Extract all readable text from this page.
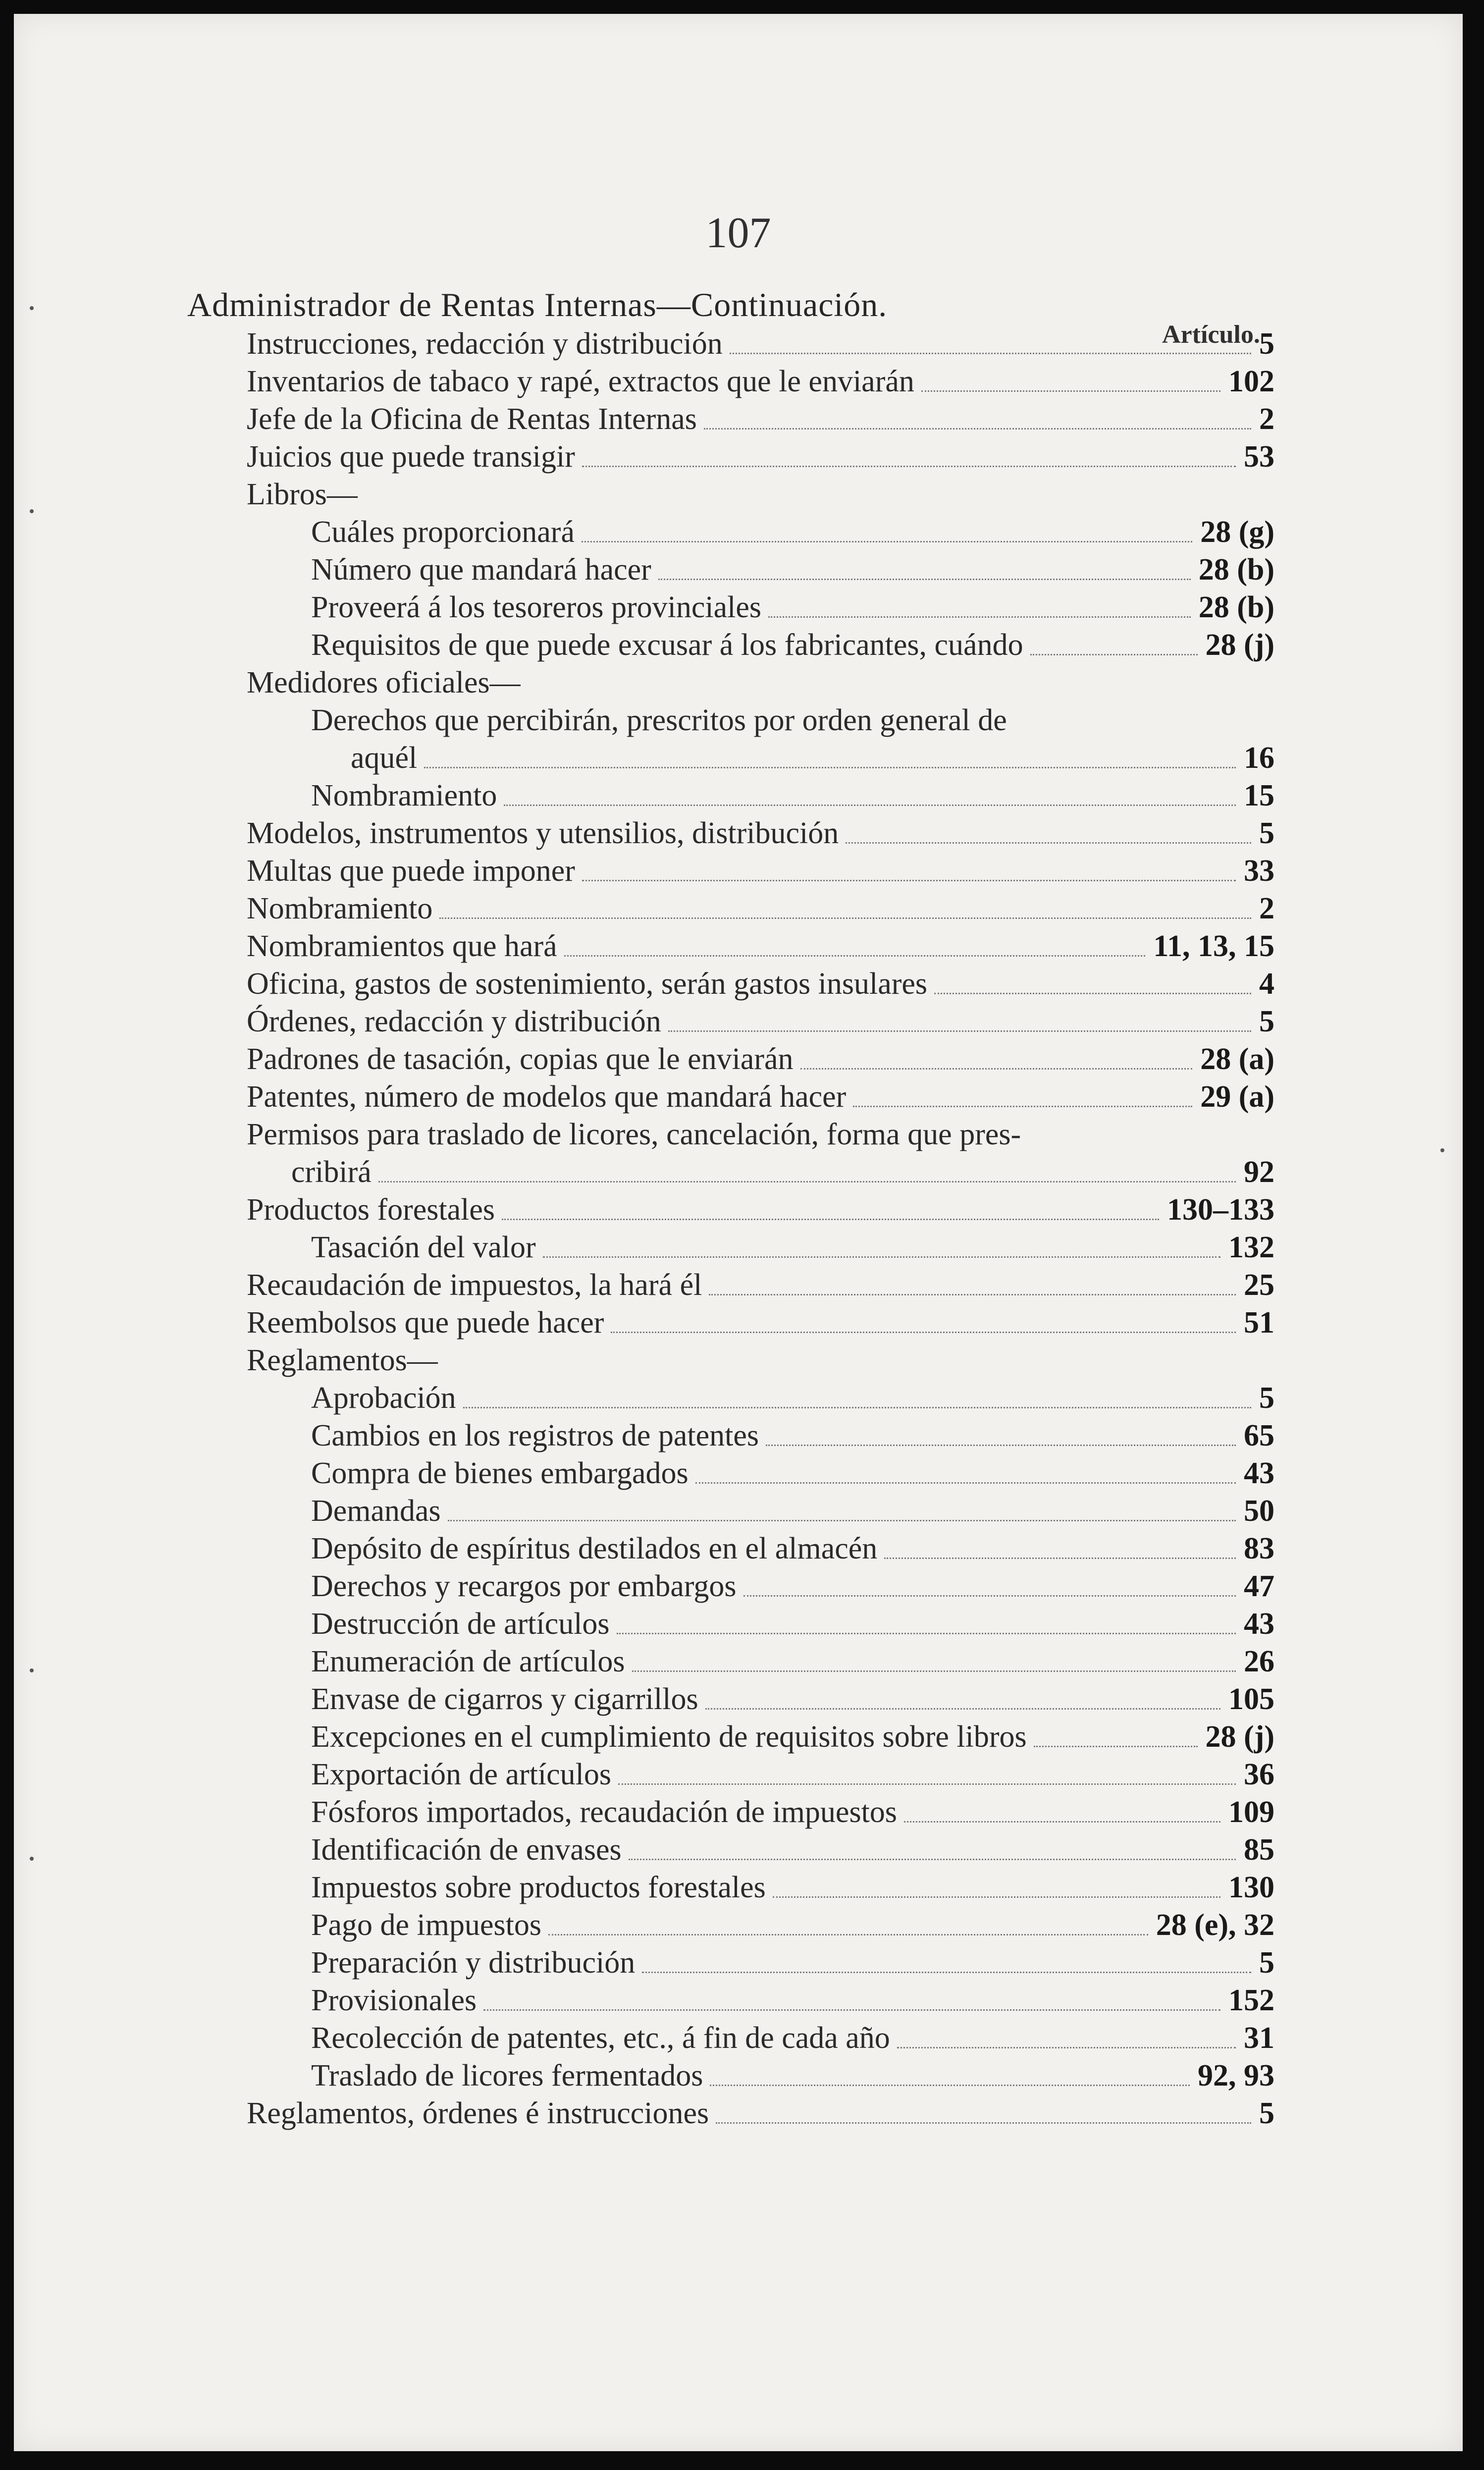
107
Administrador de Rentas Internas—Continuación.
Artículo.
Instrucciones, redacción y distribución	5
Inventarios de tabaco y rapé, extractos que le enviarán	102
Jefe de la Oficina de Rentas Internas	2
Juicios que puede transigir	53
Libros—
Cuáles proporcionará	28 (g)
Número que mandará hacer	28 (b)
Proveerá á los tesoreros provinciales	28 (b)
Requisitos de que puede excusar á los fabricantes, cuándo	28 (j)
Medidores oficiales—
Derechos que percibirán, prescritos por orden general de
aquél	16
Nombramiento	15
Modelos, instrumentos y utensilios, distribución	5
Multas que puede imponer	33
Nombramiento	2
Nombramientos que hará	11, 13, 15
Oficina, gastos de sostenimiento, serán gastos insulares	4
Órdenes, redacción y distribución	5
Padrones de tasación, copias que le enviarán	28 (a)
Patentes, número de modelos que mandará hacer	29 (a)
Permisos para traslado de licores, cancelación, forma que pres-
cribirá	92
Productos forestales	130–133
Tasación del valor	132
Recaudación de impuestos, la hará él	25
Reembolsos que puede hacer	51
Reglamentos—
Aprobación	5
Cambios en los registros de patentes	65
Compra de bienes embargados	43
Demandas	50
Depósito de espíritus destilados en el almacén	83
Derechos y recargos por embargos	47
Destrucción de artículos	43
Enumeración de artículos	26
Envase de cigarros y cigarrillos	105
Excepciones en el cumplimiento de requisitos sobre libros	28 (j)
Exportación de artículos	36
Fósforos importados, recaudación de impuestos	109
Identificación de envases	85
Impuestos sobre productos forestales	130
Pago de impuestos	28 (e), 32
Preparación y distribución	5
Provisionales	152
Recolección de patentes, etc., á fin de cada año	31
Traslado de licores fermentados	92, 93
Reglamentos, órdenes é instrucciones	5
